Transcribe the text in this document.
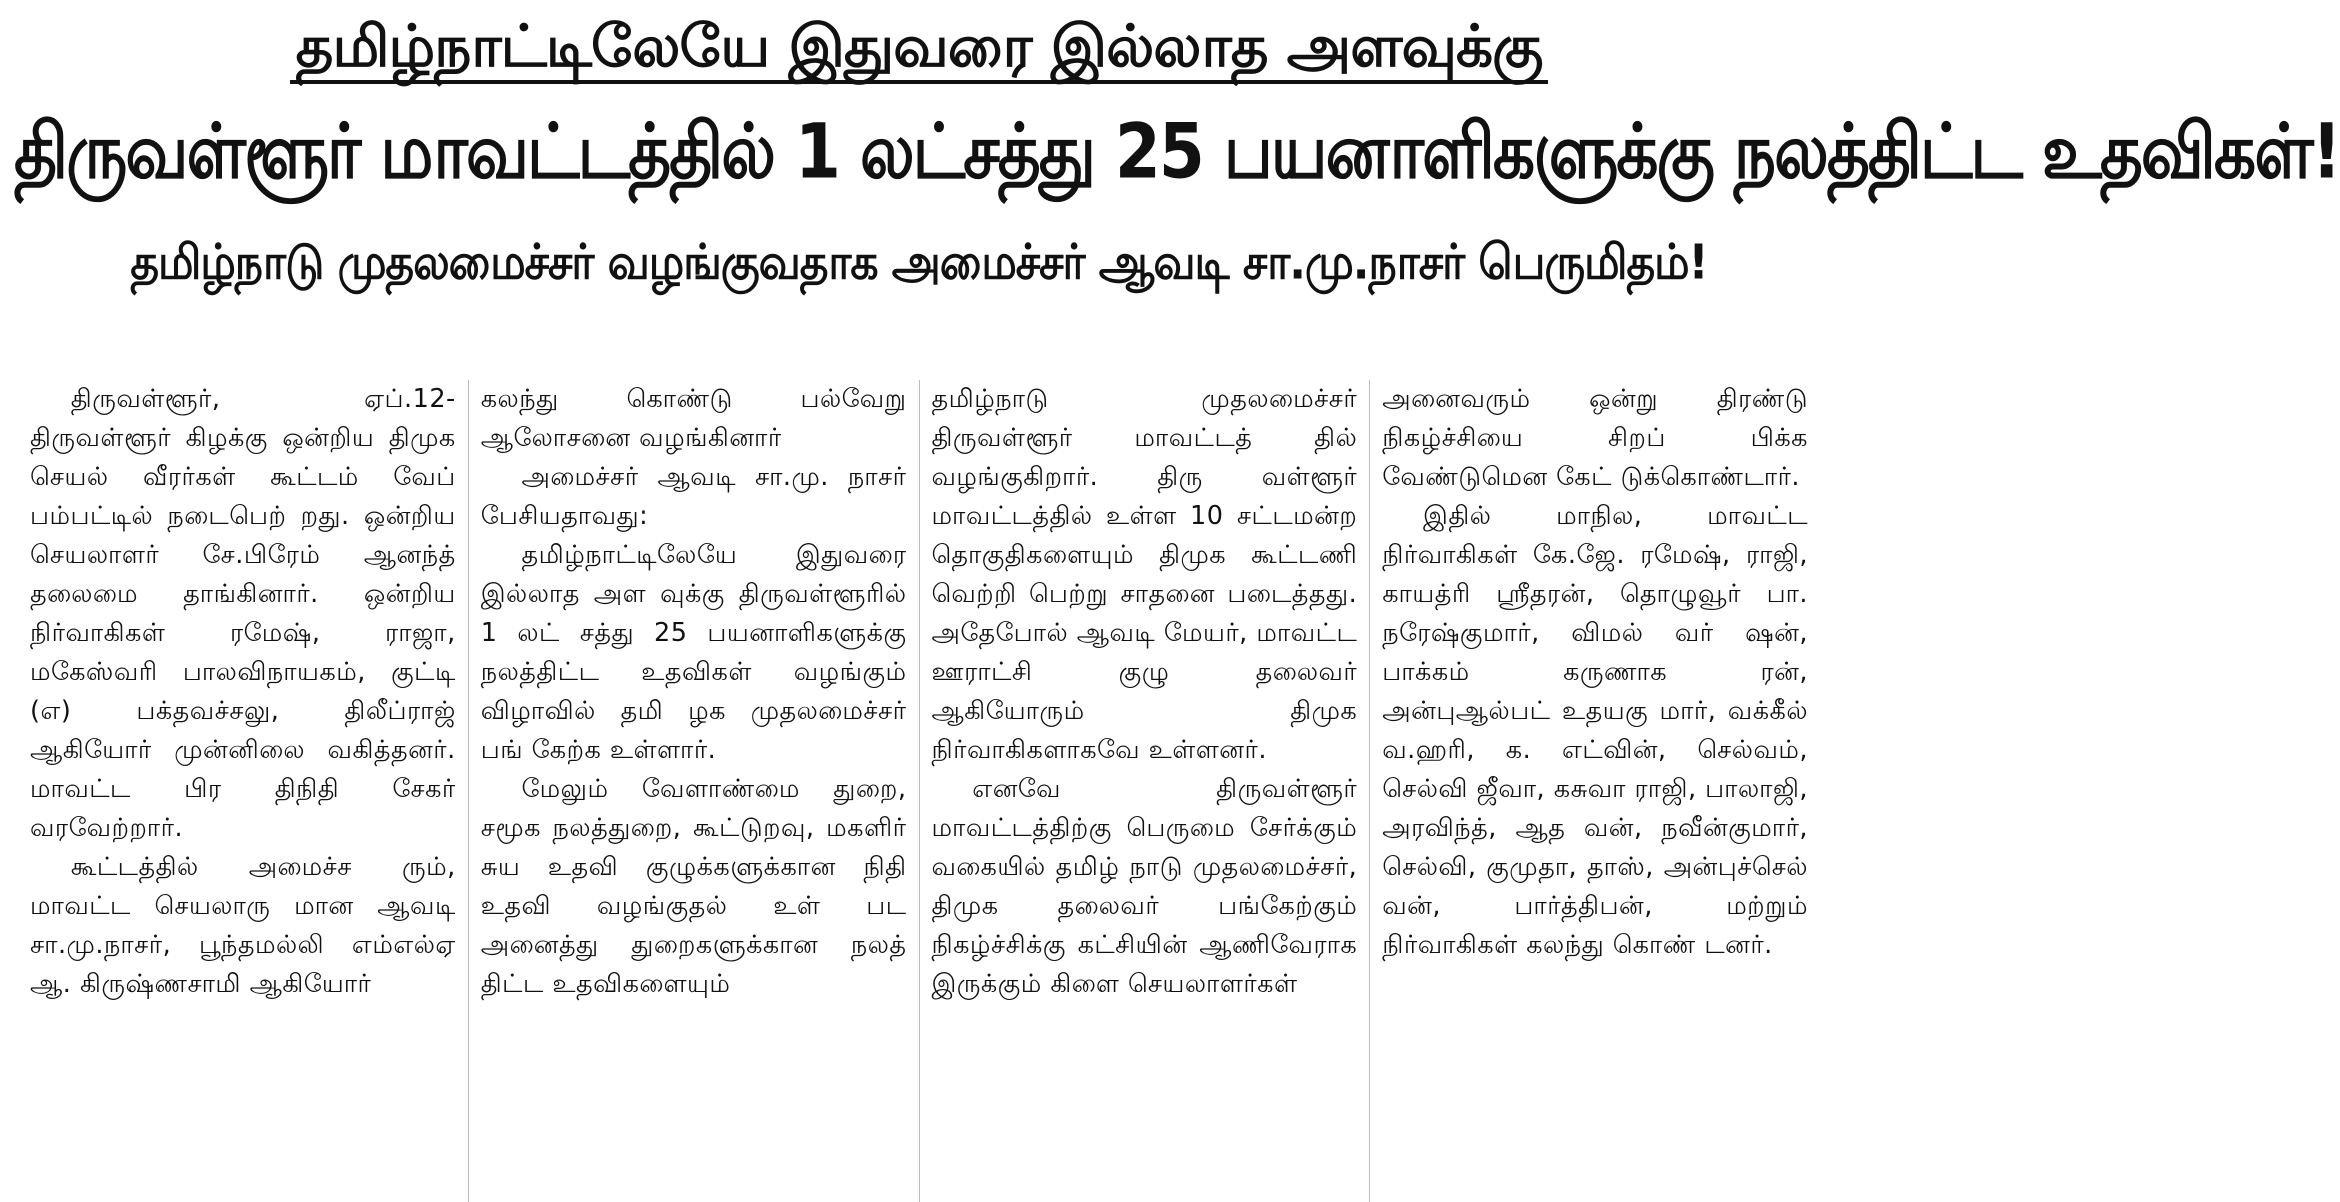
தமிழ்நாட்டிலேயே இதுவரை இல்லாத அளவுக்கு
திருவள்ளூர் மாவட்டத்தில் 1 லட்சத்து 25 பயனாளிகளுக்கு நலத்திட்ட உதவிகள்!
தமிழ்நாடு முதலமைச்சர் வழங்குவதாக அமைச்சர் ஆவடி சா.மு.நாசர் பெருமிதம்!

திருவள்ளூர், ஏப்.12- திருவள்ளூர் கிழக்கு ஒன்றிய திமுக செயல் வீரர்கள் கூட்டம் வேப் பம்பட்டில் நடைபெற் றது. ஒன்றிய செயலாளர் சே.பிரேம் ஆனந்த் தலைமை தாங்கினார். ஒன்றிய நிர்வாகிகள் ரமேஷ், ராஜா, மகேஸ்வரி பாலவிநாயகம், குட்டி (எ) பக்தவச்சலு, திலீப்ராஜ் ஆகியோர் முன்னிலை வகித்தனர். மாவட்ட பிர திநிதி சேகர் வரவேற்றார்.

கூட்டத்தில் அமைச்ச ரும், மாவட்ட செயலாரு மான ஆவடி சா.மு.நாசர், பூந்தமல்லி எம்எல்ஏ ஆ. கிருஷ்ணசாமி ஆகியோர்

கலந்து கொண்டு பல்வேறு ஆலோசனை வழங்கினார்

அமைச்சர் ஆவடி சா.மு. நாசர் பேசியதாவது:

தமிழ்நாட்டிலேயே இதுவரை இல்லாத அள வுக்கு திருவள்ளூரில் 1 லட் சத்து 25 பயனாளிகளுக்கு நலத்திட்ட உதவிகள் வழங்கும் விழாவில் தமி ழக முதலமைச்சர் பங் கேற்க உள்ளார்.

மேலும் வேளாண்மை துறை, சமூக நலத்துறை, கூட்டுறவு, மகளிர் சுய உதவி குழுக்களுக்கான நிதி உதவி வழங்குதல் உள் பட அனைத்து துறைகளுக்கான நலத் திட்ட உதவிகளையும்

தமிழ்நாடு முதலமைச்சர் திருவள்ளூர் மாவட்டத் தில் வழங்குகிறார். திரு வள்ளூர் மாவட்டத்தில் உள்ள 10 சட்டமன்ற தொகுதிகளையும் திமுக கூட்டணி வெற்றி பெற்று சாதனை படைத்தது. அதேபோல் ஆவடி மேயர், மாவட்ட ஊராட்சி குழு தலைவர் ஆகியோரும் திமுக நிர்வாகிகளாகவே உள்ளனர்.

எனவே திருவள்ளூர் மாவட்டத்திற்கு பெருமை சேர்க்கும் வகையில் தமிழ் நாடு முதலமைச்சர், திமுக தலைவர் பங்கேற்கும் நிகழ்ச்சிக்கு கட்சியின் ஆணிவேராக இருக்கும் கிளை செயலாளர்கள்

அனைவரும் ஒன்று திரண்டு நிகழ்ச்சியை சிறப் பிக்க வேண்டுமென கேட் டுக்கொண்டார்.

இதில் மாநில, மாவட்ட நிர்வாகிகள் கே.ஜே. ரமேஷ், ராஜி, காயத்ரி ஸ்ரீதரன், தொழுவூர் பா. நரேஷ்குமார், விமல் வர் ஷன், பாக்கம் கருணாக ரன், அன்புஆல்பட் உதயகு மார், வக்கீல் வ.ஹரி, க. எட்வின், செல்வம், செல்வி ஜீவா, கசுவா ராஜி, பாலாஜி, அரவிந்த், ஆத வன், நவீன்குமார், செல்வி, குமுதா, தாஸ், அன்புச்செல் வன், பார்த்திபன், மற்றும் நிர்வாகிகள் கலந்து கொண் டனர்.
